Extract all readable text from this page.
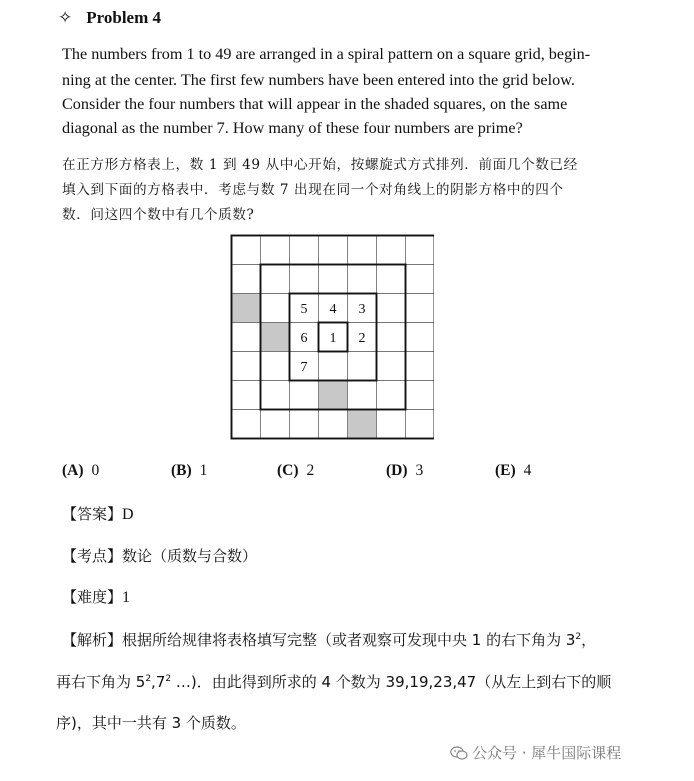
✧ Problem 4
The numbers from 1 to 49 are arranged in a spiral pattern on a square grid, begin-
ning at the center. The first few numbers have been entered into the grid below.
Consider the four numbers that will appear in the shaded squares, on the same
diagonal as the number 7. How many of these four numbers are prime?
在正方形方格表上，数 1 到 49 从中心开始，按螺旋式方式排列．前面几个数已经
填入到下面的方格表中．考虑与数 7 出现在同一个对角线上的阴影方格中的四个
数．问这四个数中有几个质数?
5 4 3
6 1 2
7
(A) 0	(B) 1	(C) 2	(D) 3	(E) 4
【答案】D
【考点】数论（质数与合数）
【难度】1
【解析】根据所给规律将表格填写完整（或者观察可发现中央 1 的右下角为 $3^2$，
再右下角为 $5^2,7^2$ …)．由此得到所求的 4 个数为 39,19,23,47（从左上到右下的顺
序)，其中一共有 3 个质数。
公众号 · 犀牛国际课程
